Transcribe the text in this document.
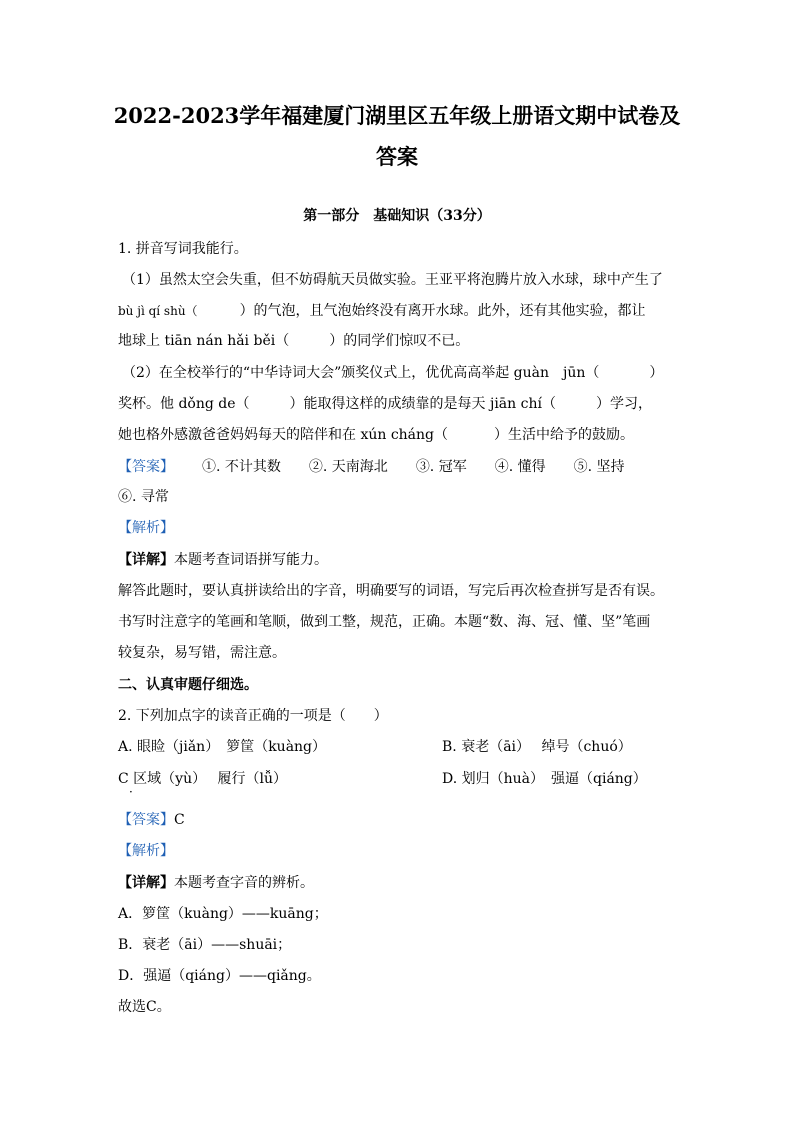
2022-2023学年福建厦门湖里区五年级上册语文期中试卷及
答案
第一部分　基础知识（33分）
1. 拼音写词我能行。
（1）虽然太空会失重，但不妨碍航天员做实验。王亚平将泡腾片放入水球，球中产生了
bù jì qí shù（	）的气泡，且气泡始终没有离开水球。此外，还有其他实验，都让
地球上 tiān nán hǎi běi（	）的同学们惊叹不已。
（2）在全校举行的“中华诗词大会”颁奖仪式上，优优高高举起 guàn　jūn（	）
奖杯。他 dǒng de（	）能取得这样的成绩靠的是每天 jiān chí（	）学习，
她也格外感激爸爸妈妈每天的陪伴和在 xún cháng（	）生活中给予的鼓励。
【答案】 ①. 不计其数 ②. 天南海北 ③. 冠军 ④. 懂得 ⑤. 坚持
⑥. 寻常
【解析】
【详解】本题考查词语拼写能力。
解答此题时，要认真拼读给出的字音，明确要写的词语，写完后再次检查拼写是否有误。
书写时注意字的笔画和笔顺，做到工整，规范，正确。本题“数、海、冠、懂、坚”笔画
较复杂，易写错，需注意。
二、认真审题仔细选。
2. 下列加点字的读音正确的一项是（　　）
A. 眼睑（jiǎn）　箩筐（kuàng）	B. 衰老（āi）　 绰号（chuó）
C 区域（yù）　 履行（lǚ）	D. 划归（huà）　强逼（qiáng）
·
【答案】C
【解析】
【详解】本题考查字音的辨析。
A．箩筐（kuàng）——kuāng；
B．衰老（āi）——shuāi；
D．强逼（qiáng）——qiǎng。
故选C。
